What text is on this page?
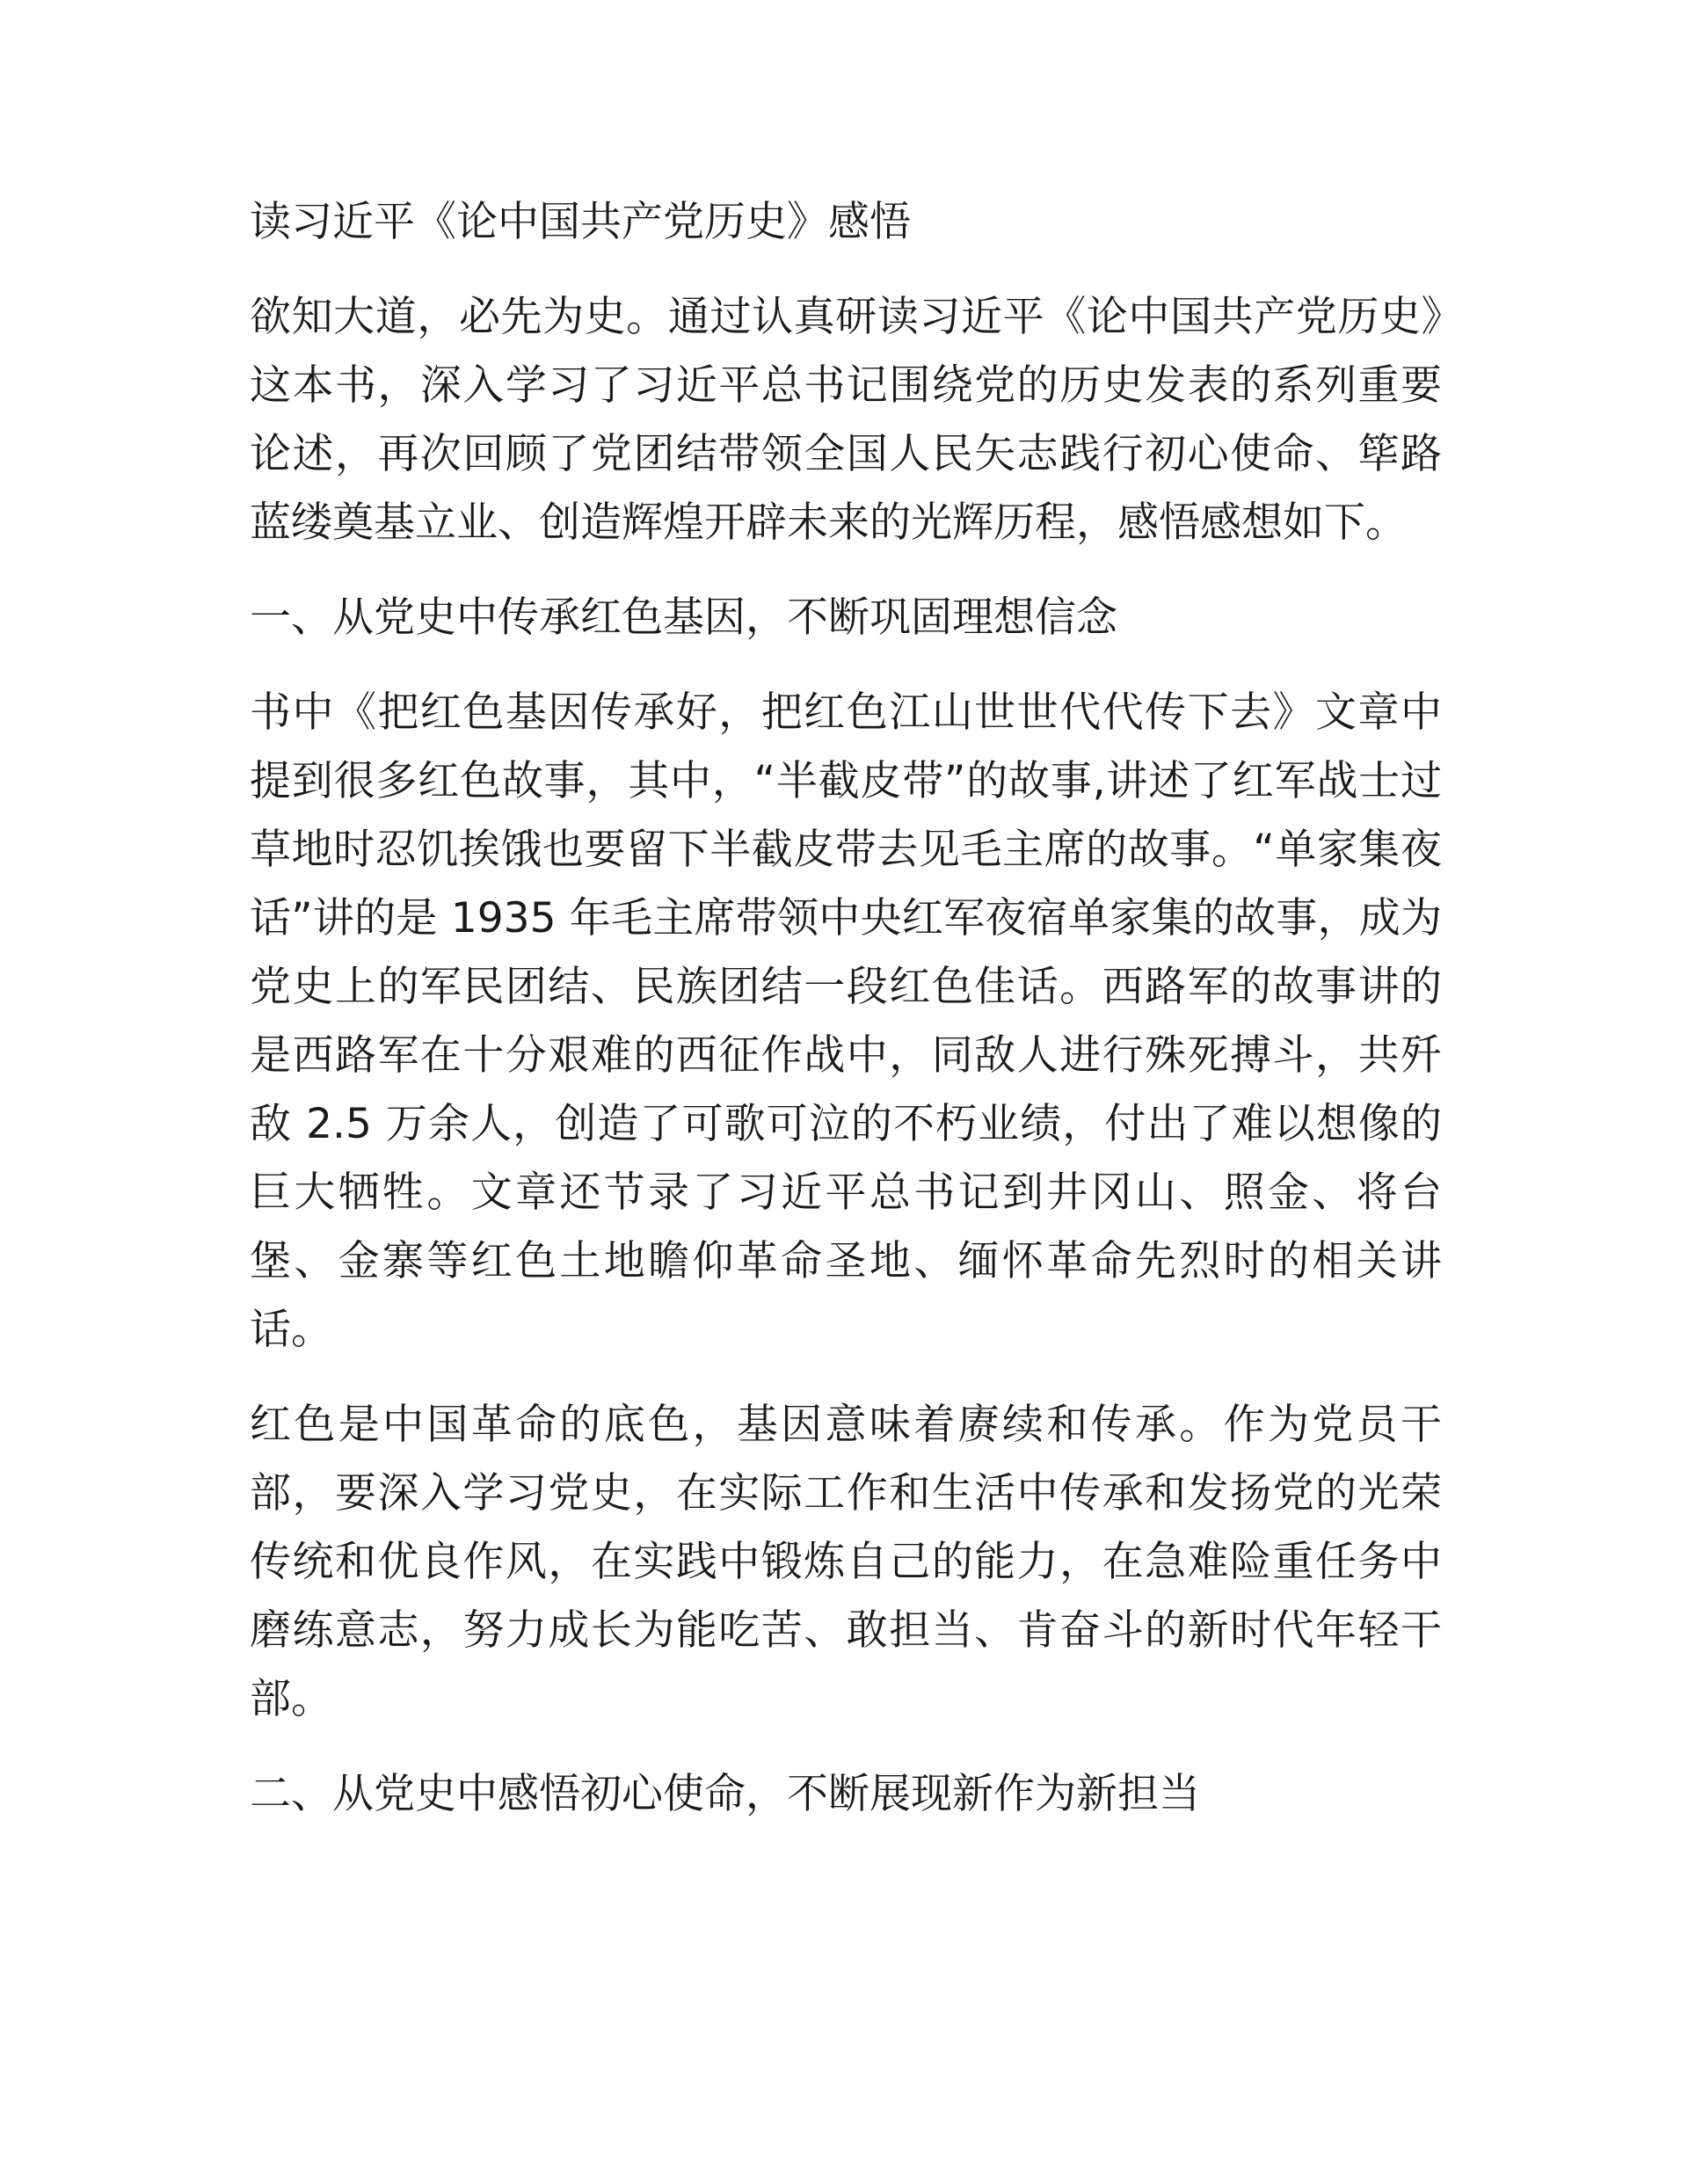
读习近平《论中国共产党历史》感悟

欲知大道，必先为史。通过认真研读习近平《论中国共产党历史》这本书，深入学习了习近平总书记围绕党的历史发表的系列重要论述，再次回顾了党团结带领全国人民矢志践行初心使命、筚路蓝缕奠基立业、创造辉煌开辟未来的光辉历程，感悟感想如下。

一、从党史中传承红色基因，不断巩固理想信念

书中《把红色基因传承好，把红色江山世世代代传下去》文章中提到很多红色故事，其中，“半截皮带”的故事,讲述了红军战士过草地时忍饥挨饿也要留下半截皮带去见毛主席的故事。“单家集夜话”讲的是 1935 年毛主席带领中央红军夜宿单家集的故事，成为党史上的军民团结、民族团结一段红色佳话。西路军的故事讲的是西路军在十分艰难的西征作战中，同敌人进行殊死搏斗，共歼敌 2.5 万余人，创造了可歌可泣的不朽业绩，付出了难以想像的巨大牺牲。文章还节录了习近平总书记到井冈山、照金、将台堡、金寨等红色土地瞻仰革命圣地、缅怀革命先烈时的相关讲话。

红色是中国革命的底色，基因意味着赓续和传承。作为党员干部，要深入学习党史，在实际工作和生活中传承和发扬党的光荣传统和优良作风，在实践中锻炼自己的能力，在急难险重任务中磨练意志，努力成长为能吃苦、敢担当、肯奋斗的新时代年轻干部。

二、从党史中感悟初心使命，不断展现新作为新担当
